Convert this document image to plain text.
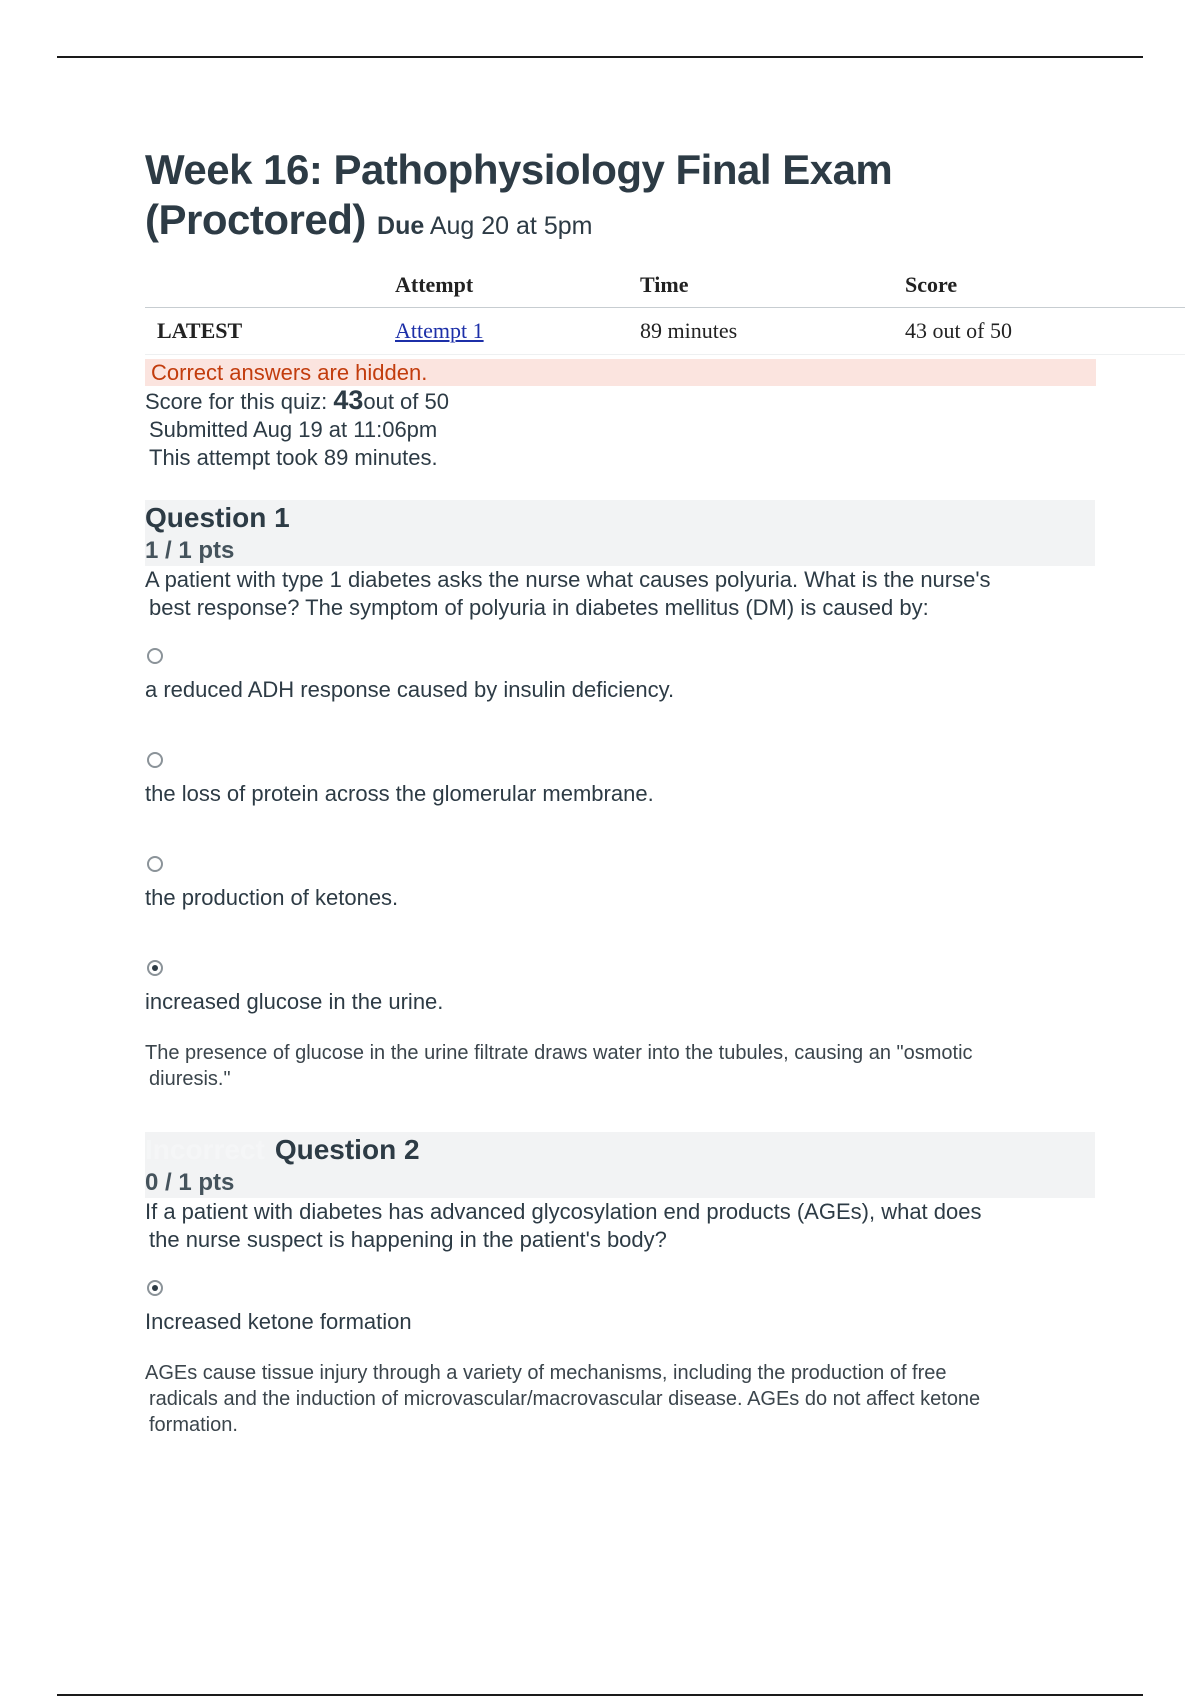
Week 16: Pathophysiology Final Exam
(Proctored) Due Aug 20 at 5pm
	Attempt	Time	Score
LATEST	Attempt 1	89 minutes	43 out of 50
Correct answers are hidden.
Score for this quiz: 43out of 50
Submitted Aug 19 at 11:06pm
This attempt took 89 minutes.
Question 1
1 / 1 pts
A patient with type 1 diabetes asks the nurse what causes polyuria. What is the nurse's
best response? The symptom of polyuria in diabetes mellitus (DM) is caused by:
a reduced ADH response caused by insulin deficiency.
the loss of protein across the glomerular membrane.
the production of ketones.
increased glucose in the urine.
The presence of glucose in the urine filtrate draws water into the tubules, causing an "osmotic
diuresis."
Incorrect Question 2
0 / 1 pts
If a patient with diabetes has advanced glycosylation end products (AGEs), what does
the nurse suspect is happening in the patient's body?
Increased ketone formation
AGEs cause tissue injury through a variety of mechanisms, including the production of free
radicals and the induction of microvascular/macrovascular disease. AGEs do not affect ketone
formation.
